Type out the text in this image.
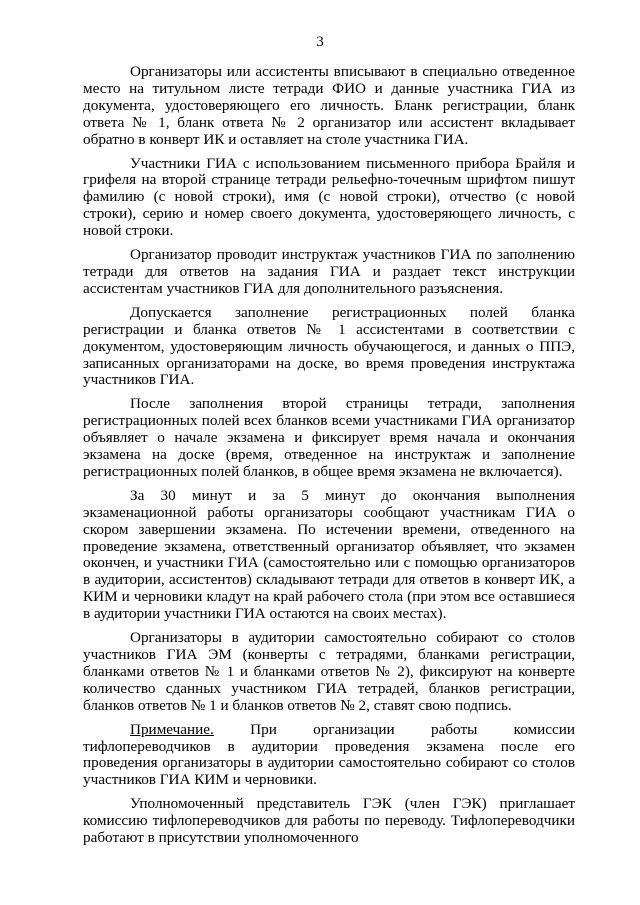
3

Организаторы или ассистенты вписывают в специально отведенное место на титульном листе тетради ФИО и данные участника ГИА из документа, удостоверяющего его личность. Бланк регистрации, бланк ответа № 1, бланк ответа № 2 организатор или ассистент вкладывает обратно в конверт ИК и оставляет на столе участника ГИА.

Участники ГИА с использованием письменного прибора Брайля и грифеля на второй странице тетради рельефно-точечным шрифтом пишут фамилию (с новой строки), имя (с новой строки), отчество (с новой строки), серию и номер своего документа, удостоверяющего личность, с новой строки.

Организатор проводит инструктаж участников ГИА по заполнению тетради для ответов на задания ГИА и раздает текст инструкции ассистентам участников ГИА для дополнительного разъяснения.

Допускается заполнение регистрационных полей бланка регистрации и бланка ответов № 1 ассистентами в соответствии с документом, удостоверяющим личность обучающегося, и данных о ППЭ, записанных организаторами на доске, во время проведения инструктажа участников ГИА.

После заполнения второй страницы тетради, заполнения регистрационных полей всех бланков всеми участниками ГИА организатор объявляет о начале экзамена и фиксирует время начала и окончания экзамена на доске (время, отведенное на инструктаж и заполнение регистрационных полей бланков, в общее время экзамена не включается).

За 30 минут и за 5 минут до окончания выполнения экзаменационной работы организаторы сообщают участникам ГИА о скором завершении экзамена. По истечении времени, отведенного на проведение экзамена, ответственный организатор объявляет, что экзамен окончен, и участники ГИА (самостоятельно или с помощью организаторов в аудитории, ассистентов) складывают тетради для ответов в конверт ИК, а КИМ и черновики кладут на край рабочего стола (при этом все оставшиеся в аудитории участники ГИА остаются на своих местах).

Организаторы в аудитории самостоятельно собирают со столов участников ГИА ЭМ (конверты с тетрадями, бланками регистрации, бланками ответов № 1 и бланками ответов № 2), фиксируют на конверте количество сданных участником ГИА тетрадей, бланков регистрации, бланков ответов № 1 и бланков ответов № 2, ставят свою подпись.

Примечание. При организации работы комиссии тифлопереводчиков в аудитории проведения экзамена после его проведения организаторы в аудитории самостоятельно собирают со столов участников ГИА КИМ и черновики.

Уполномоченный представитель ГЭК (член ГЭК) приглашает комиссию тифлопереводчиков для работы по переводу. Тифлопереводчики работают в присутствии уполномоченного
